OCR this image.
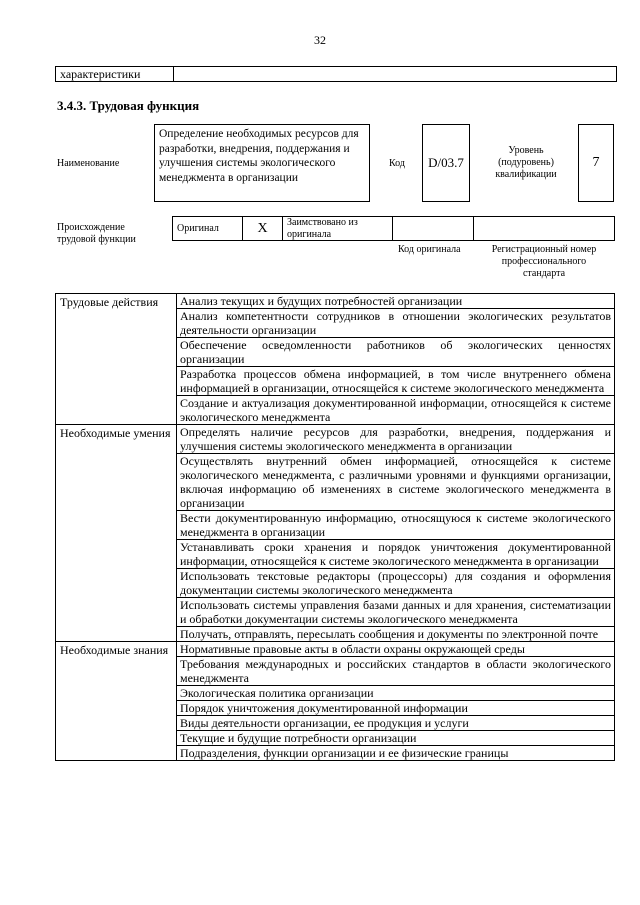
32
характеристики
3.4.3. Трудовая функция
Наименование
Определение необходимых ресурсов для разработки, внедрения, поддержания и улучшения системы экологического менеджмента в организации
Код	D/03.7
Уровень (подуровень) квалификации
7
Происхождение трудовой функции
Оригинал	X	Заимствовано из оригинала
Код оригинала	Регистрационный номер профессионального стандарта
Трудовые действия	Анализ текущих и будущих потребностей организации
	Анализ компетентности сотрудников в отношении экологических результатов деятельности организации
	Обеспечение осведомленности работников об экологических ценностях организации
	Разработка процессов обмена информацией, в том числе внутреннего обмена информацией в организации, относящейся к системе экологического менеджмента
	Создание и актуализация документированной информации, относящейся к системе экологического менеджмента
Необходимые умения	Определять наличие ресурсов для разработки, внедрения, поддержания и улучшения системы экологического менеджмента в организации
	Осуществлять внутренний обмен информацией, относящейся к системе экологического менеджмента, с различными уровнями и функциями организации, включая информацию об изменениях в системе экологического менеджмента в организации
	Вести документированную информацию, относящуюся к системе экологического менеджмента в организации
	Устанавливать сроки хранения и порядок уничтожения документированной информации, относящейся к системе экологического менеджмента в организации
	Использовать текстовые редакторы (процессоры) для создания и оформления документации системы экологического менеджмента
	Использовать системы управления базами данных и для хранения, систематизации и обработки документации системы экологического менеджмента
	Получать, отправлять, пересылать сообщения и документы по электронной почте
Необходимые знания	Нормативные правовые акты в области охраны окружающей среды
	Требования международных и российских стандартов в области экологического менеджмента
	Экологическая политика организации
	Порядок уничтожения документированной информации
	Виды деятельности организации, ее продукция и услуги
	Текущие и будущие потребности организации
	Подразделения, функции организации и ее физические границы
